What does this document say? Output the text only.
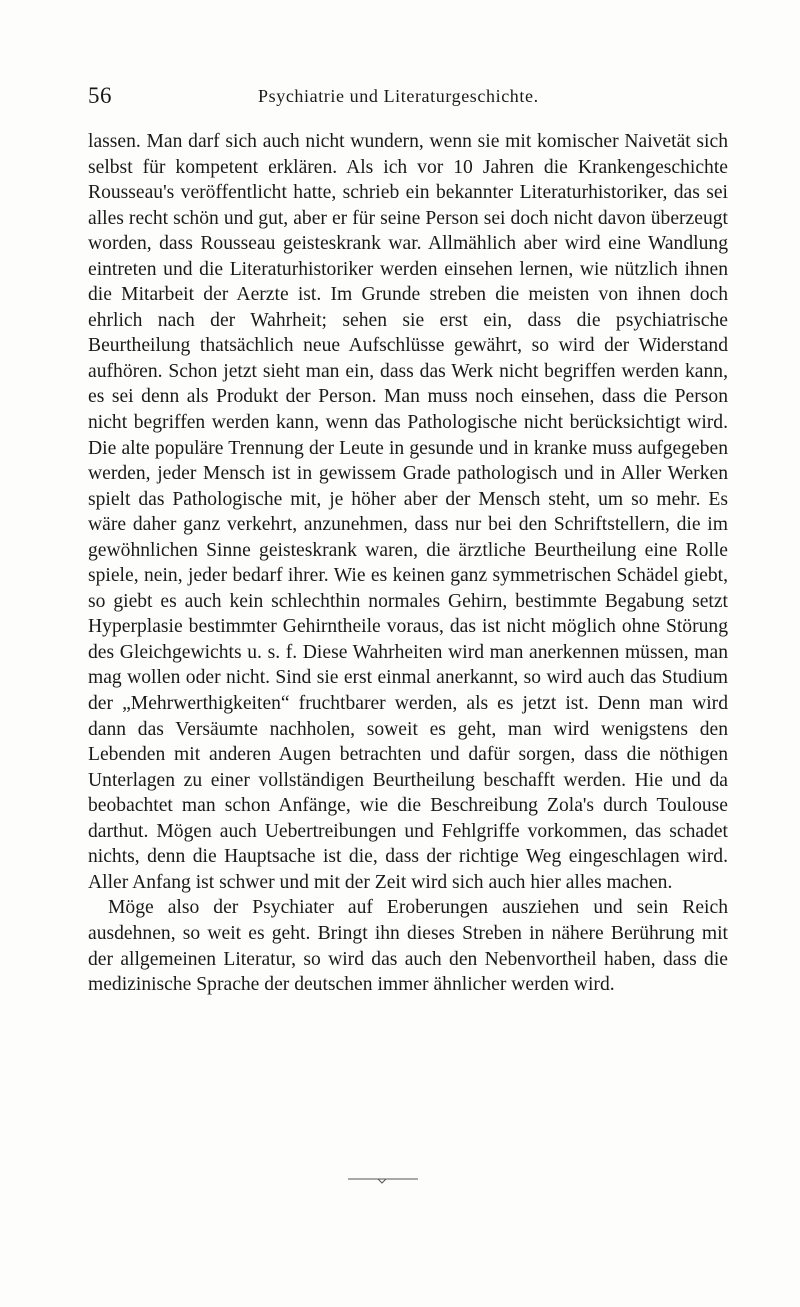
56	Psychiatrie und Literaturgeschichte.

lassen. Man darf sich auch nicht wundern, wenn sie mit komischer Naivetät sich selbst für kompetent erklären. Als ich vor 10 Jahren die Krankengeschichte Rousseau's veröffentlicht hatte, schrieb ein bekannter Literaturhistoriker, das sei alles recht schön und gut, aber er für seine Person sei doch nicht davon überzeugt worden, dass Rousseau geisteskrank war. Allmählich aber wird eine Wandlung eintreten und die Literaturhistoriker werden einsehen lernen, wie nützlich ihnen die Mitarbeit der Aerzte ist. Im Grunde streben die meisten von ihnen doch ehrlich nach der Wahrheit; sehen sie erst ein, dass die psychiatrische Beurtheilung thatsächlich neue Aufschlüsse gewährt, so wird der Widerstand aufhören. Schon jetzt sieht man ein, dass das Werk nicht begriffen werden kann, es sei denn als Produkt der Person. Man muss noch einsehen, dass die Person nicht begriffen werden kann, wenn das Pathologische nicht berücksichtigt wird. Die alte populäre Trennung der Leute in gesunde und in kranke muss aufgegeben werden, jeder Mensch ist in gewissem Grade pathologisch und in Aller Werken spielt das Pathologische mit, je höher aber der Mensch steht, um so mehr. Es wäre daher ganz verkehrt, anzunehmen, dass nur bei den Schriftstellern, die im gewöhnlichen Sinne geisteskrank waren, die ärztliche Beurtheilung eine Rolle spiele, nein, jeder bedarf ihrer. Wie es keinen ganz symmetrischen Schädel giebt, so giebt es auch kein schlechthin normales Gehirn, bestimmte Begabung setzt Hyperplasie bestimmter Gehirntheile voraus, das ist nicht möglich ohne Störung des Gleichgewichts u. s. f. Diese Wahrheiten wird man anerkennen müssen, man mag wollen oder nicht. Sind sie erst einmal anerkannt, so wird auch das Studium der „Mehrwerthigkeiten“ fruchtbarer werden, als es jetzt ist. Denn man wird dann das Versäumte nachholen, soweit es geht, man wird wenigstens den Lebenden mit anderen Augen betrachten und dafür sorgen, dass die nöthigen Unterlagen zu einer vollständigen Beurtheilung beschafft werden. Hie und da beobachtet man schon Anfänge, wie die Beschreibung Zola's durch Toulouse darthut. Mögen auch Uebertreibungen und Fehlgriffe vorkommen, das schadet nichts, denn die Hauptsache ist die, dass der richtige Weg eingeschlagen wird. Aller Anfang ist schwer und mit der Zeit wird sich auch hier alles machen.

Möge also der Psychiater auf Eroberungen ausziehen und sein Reich ausdehnen, so weit es geht. Bringt ihn dieses Streben in nähere Berührung mit der allgemeinen Literatur, so wird das auch den Nebenvortheil haben, dass die medizinische Sprache der deutschen immer ähnlicher werden wird.
